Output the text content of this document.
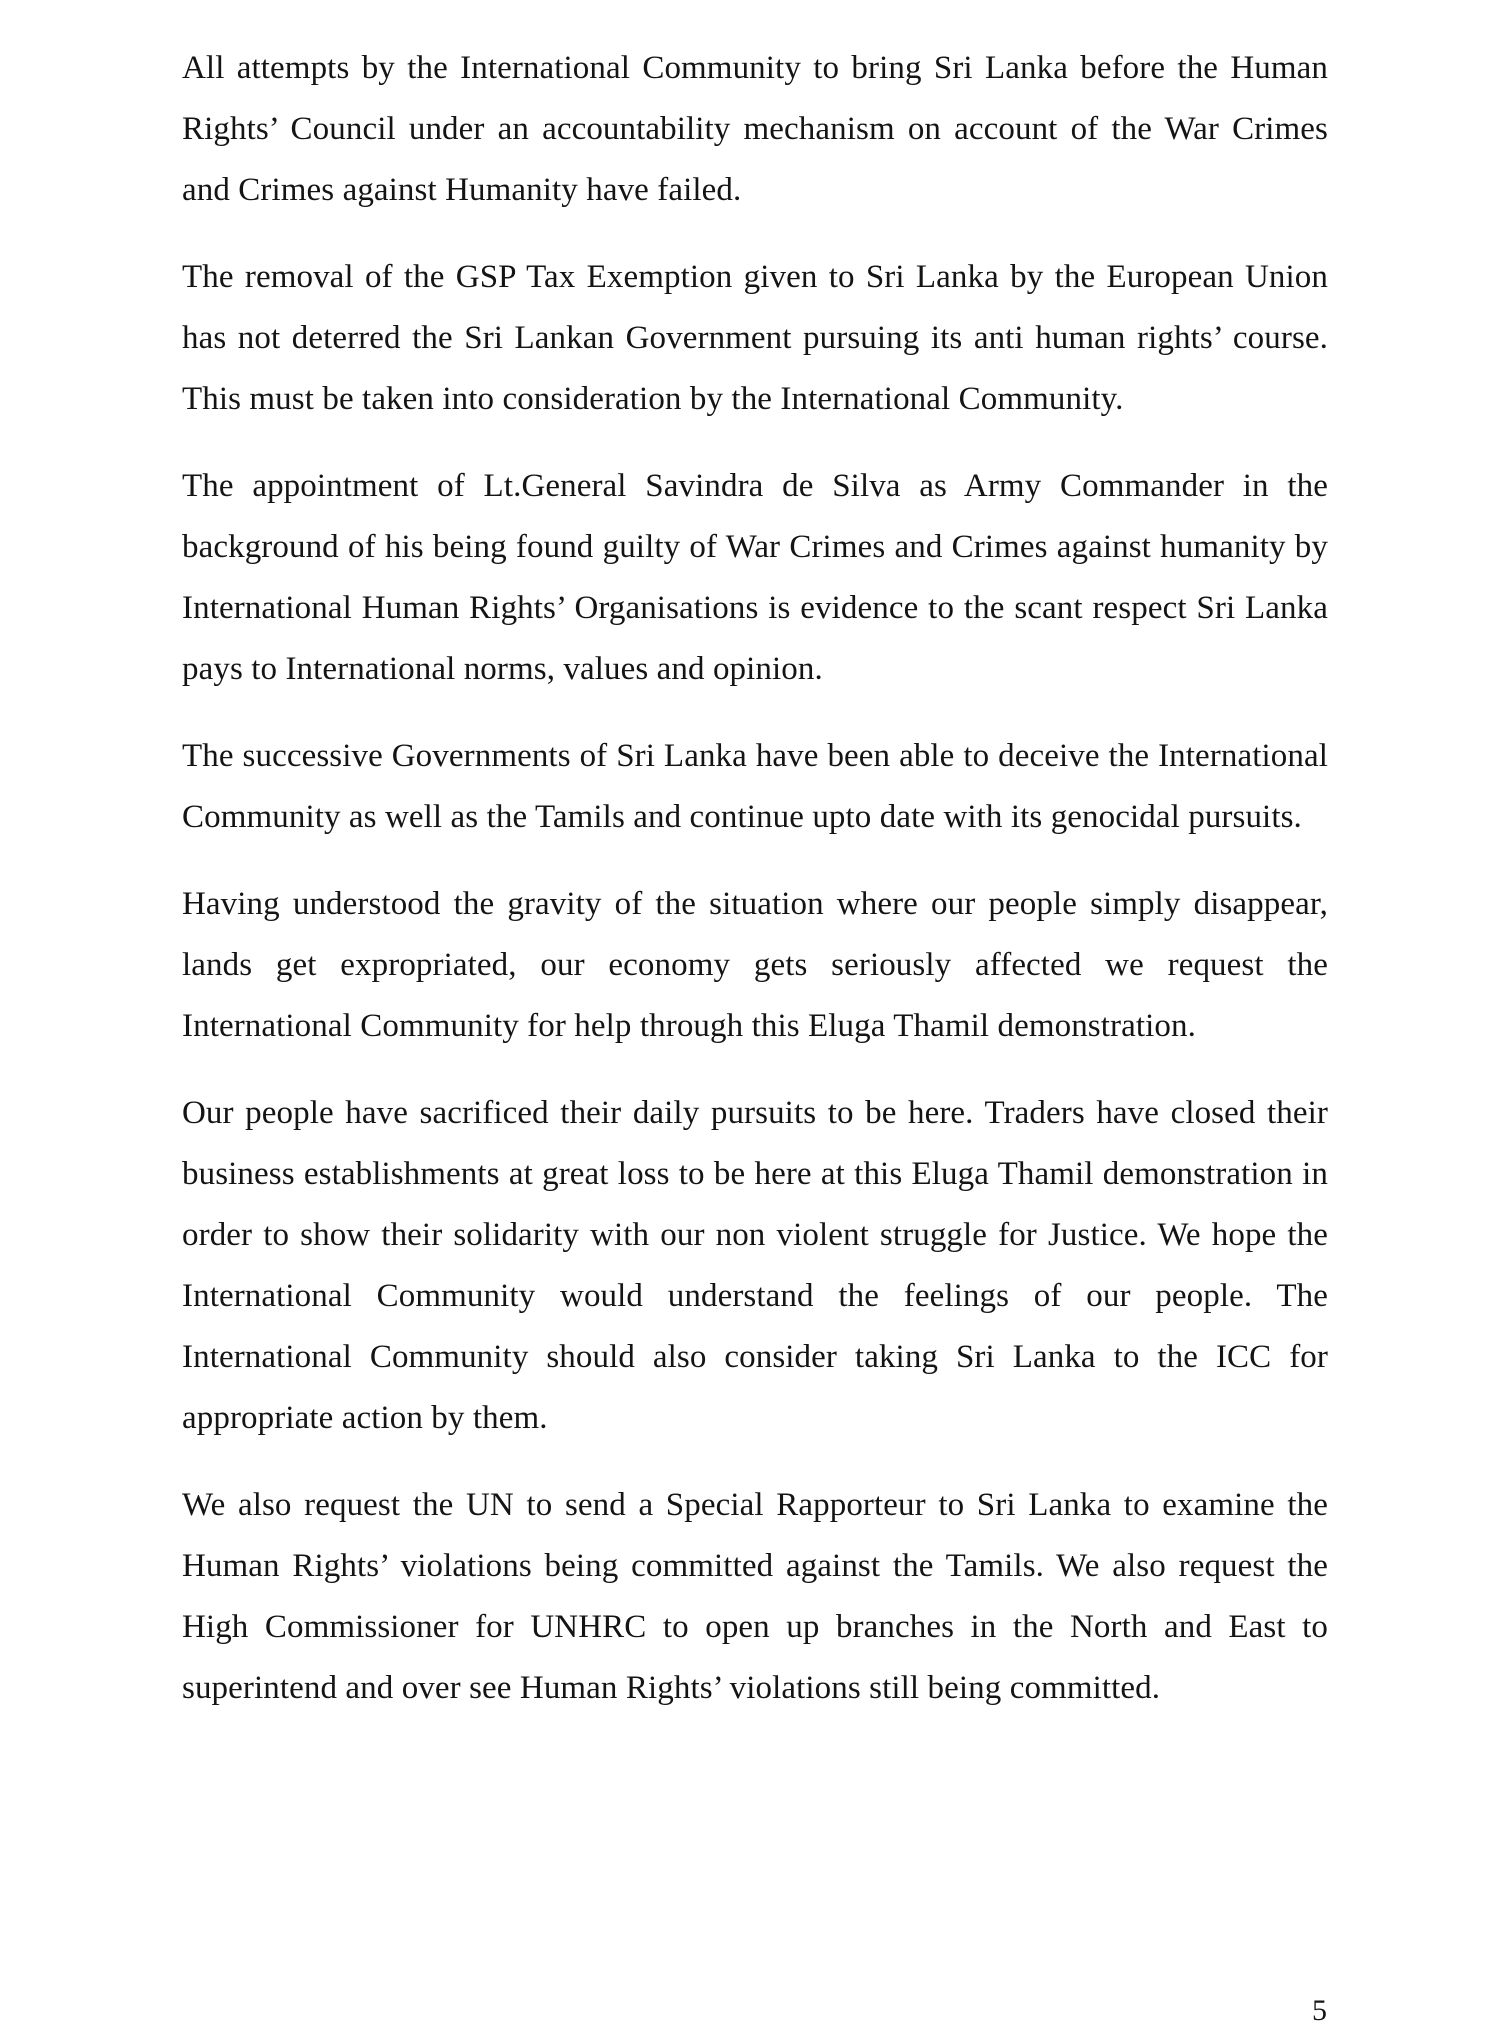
All attempts by the International Community to bring Sri Lanka before the Human Rights’ Council under an accountability mechanism on account of the War Crimes and Crimes against Humanity have failed.

The removal of the GSP Tax Exemption given to Sri Lanka by the European Union has not deterred the Sri Lankan Government pursuing its anti human rights’ course. This must be taken into consideration by the International Community.

The appointment of Lt.General Savindra de Silva as Army Commander in the background of his being found guilty of War Crimes and Crimes against humanity by International Human Rights’ Organisations is evidence to the scant respect Sri Lanka pays to International norms, values and opinion.

The successive Governments of Sri Lanka have been able to deceive the International Community as well as the Tamils and continue upto date with its genocidal pursuits.

Having understood the gravity of the situation where our people simply disappear, lands get expropriated, our economy gets seriously affected we request the International Community for help through this Eluga Thamil demonstration.

Our people have sacrificed their daily pursuits to be here. Traders have closed their business establishments at great loss to be here at this Eluga Thamil demonstration in order to show their solidarity with our non violent struggle for Justice. We hope the International Community would understand the feelings of our people. The International Community should also consider taking Sri Lanka to the ICC for appropriate action by them.

We also request the UN to send a Special Rapporteur to Sri Lanka to examine the Human Rights’ violations being committed against the Tamils. We also request the High Commissioner for UNHRC to open up branches in the North and East to superintend and over see Human Rights’ violations still being committed.

5
